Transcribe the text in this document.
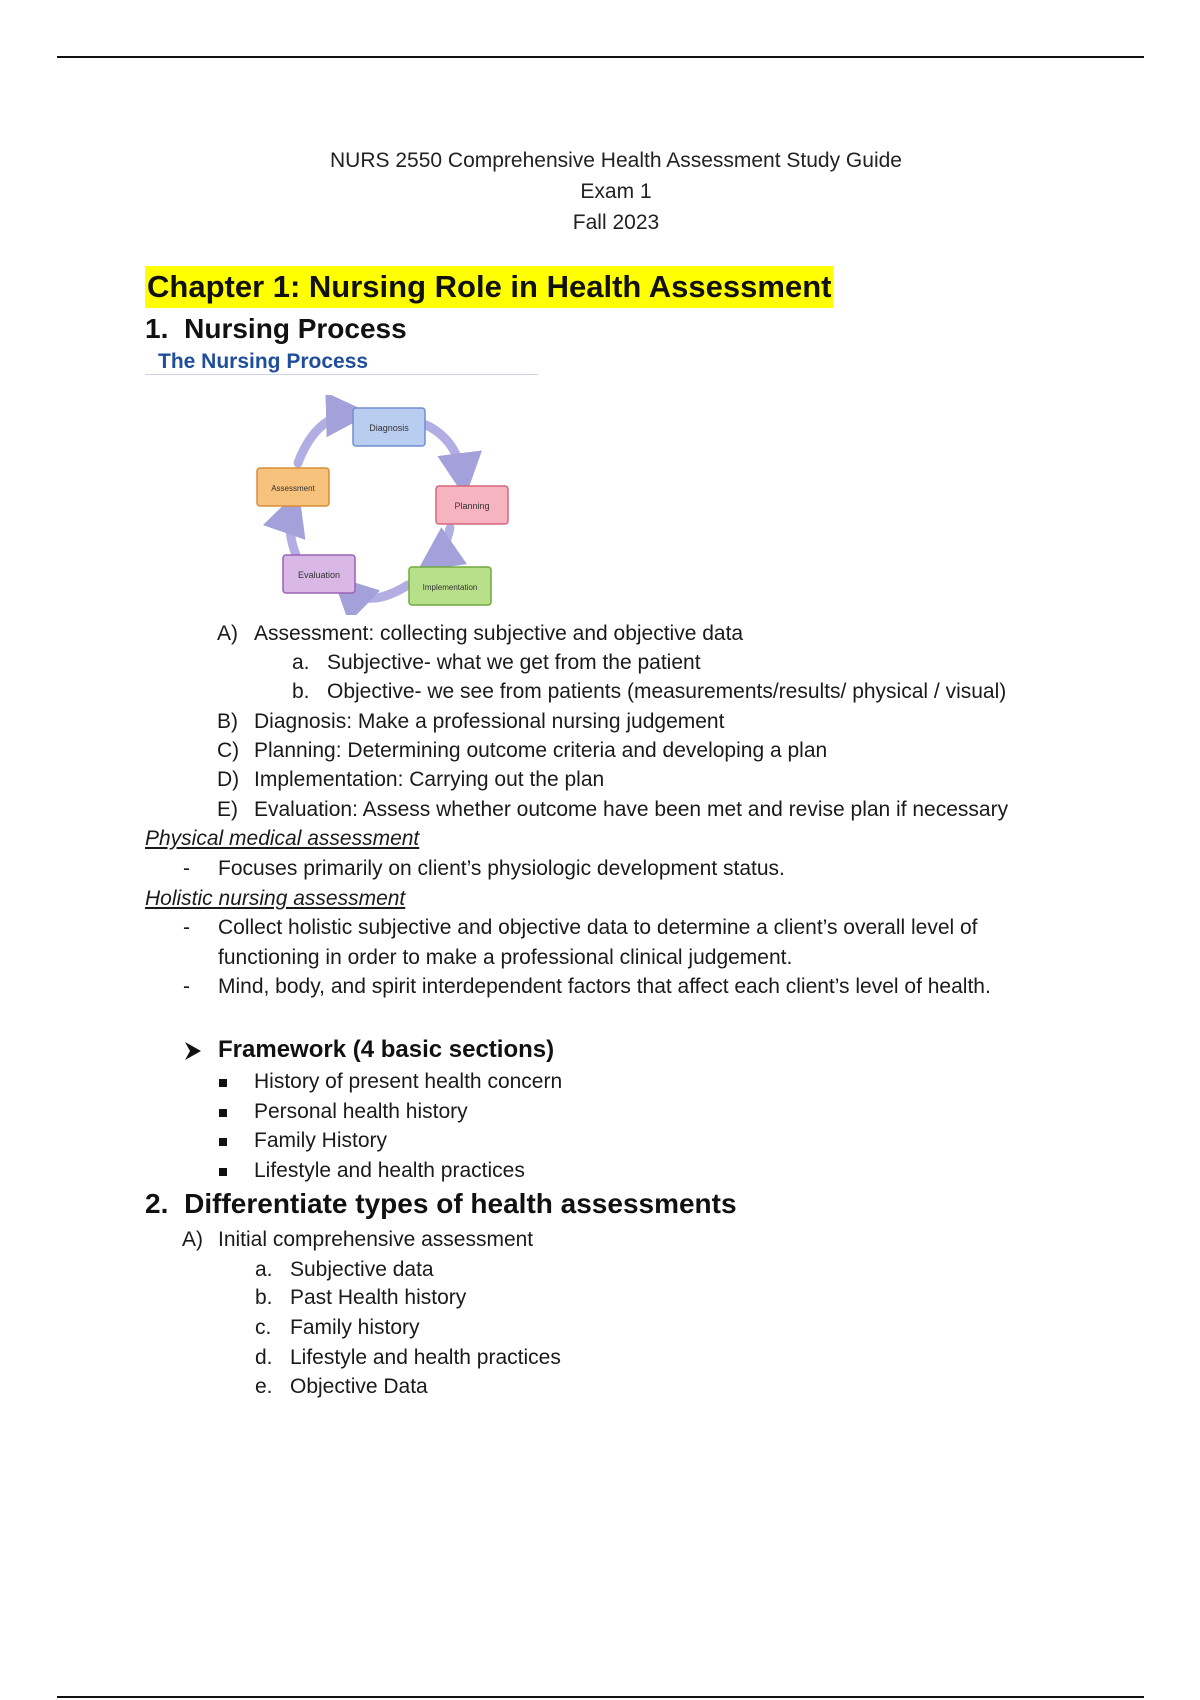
NURS 2550 Comprehensive Health Assessment Study Guide
Exam 1
Fall 2023
Chapter 1: Nursing Role in Health Assessment
1. Nursing Process
The Nursing Process
Diagnosis
Planning
Implementation
Evaluation
Assessment
A) Assessment: collecting subjective and objective data
a. Subjective- what we get from the patient
b. Objective- we see from patients (measurements/results/ physical / visual)
B) Diagnosis: Make a professional nursing judgement
C) Planning: Determining outcome criteria and developing a plan
D) Implementation: Carrying out the plan
E) Evaluation: Assess whether outcome have been met and revise plan if necessary
Physical medical assessment
- Focuses primarily on client’s physiologic development status.
Holistic nursing assessment
- Collect holistic subjective and objective data to determine a client’s overall level of
functioning in order to make a professional clinical judgement.
- Mind, body, and spirit interdependent factors that affect each client’s level of health.
Framework (4 basic sections)
History of present health concern
Personal health history
Family History
Lifestyle and health practices
2. Differentiate types of health assessments
A) Initial comprehensive assessment
a. Subjective data
b. Past Health history
c. Family history
d. Lifestyle and health practices
e. Objective Data
